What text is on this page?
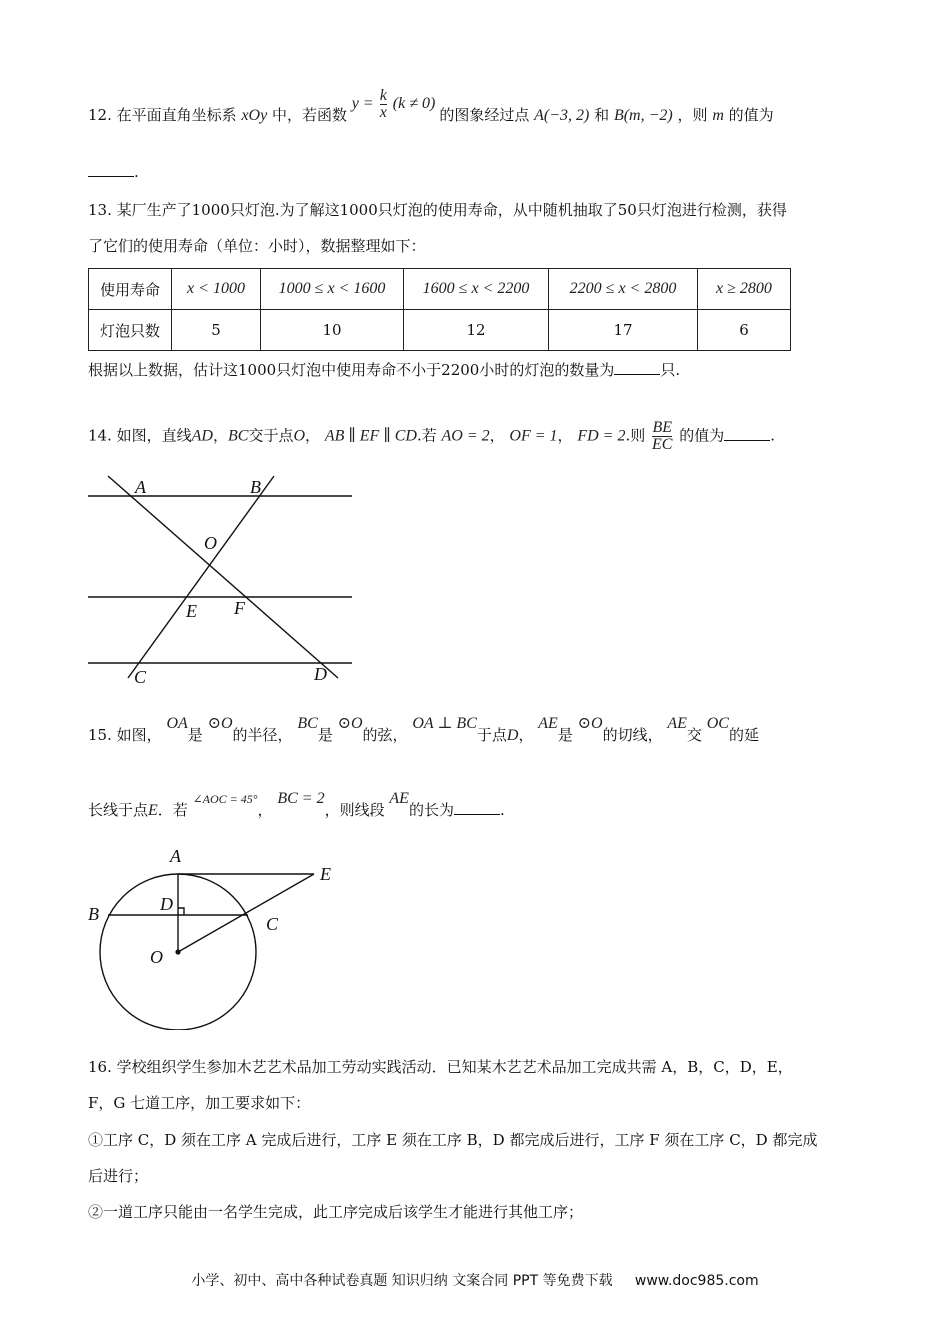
12. 在平面直角坐标系 xOy 中，若函数 $y = \frac{k}{x} (k \ne 0)$ 的图象经过点 A(−3, 2) 和 B(m, −2) ，则 m 的值为
.
13. 某厂生产了1000只灯泡.为了解这1000只灯泡的使用寿命，从中随机抽取了50只灯泡进行检测，获得
了它们的使用寿命（单位：小时），数据整理如下：
使用寿命	x < 1000	1000 ≤ x < 1600	1600 ≤ x < 2200	2200 ≤ x < 2800	x ≥ 2800
灯泡只数	5	10	12	17	6
根据以上数据，估计这1000只灯泡中使用寿命不小于2200小时的灯泡的数量为	只.
14. 如图，直线AD，BC交于点O， AB ∥ EF ∥ CD.若 AO = 2， OF = 1， FD = 2.则 $\frac{BE}{EC}$ 的值为	.
A	B
O
E F
C	D
15. 如图， OA是 ⊙O的半径， BC是 ⊙O的弦， OA ⊥ BC于点D， AE是 ⊙O的切线， AE交 OC的延
长线于点E．若 $^{\angle AOC = 45^\circ}$， BC = 2，则线段 AE的长为	.
A
E
D
B	C
O
16. 学校组织学生参加木艺艺术品加工劳动实践活动．已知某木艺艺术品加工完成共需 A，B，C，D，E，
F，G 七道工序，加工要求如下：
①工序 C，D 须在工序 A 完成后进行，工序 E 须在工序 B，D 都完成后进行，工序 F 须在工序 C，D 都完成
后进行；
②一道工序只能由一名学生完成，此工序完成后该学生才能进行其他工序；
小学、初中、高中各种试卷真题 知识归纳 文案合同 PPT 等免费下载 www.doc985.com
